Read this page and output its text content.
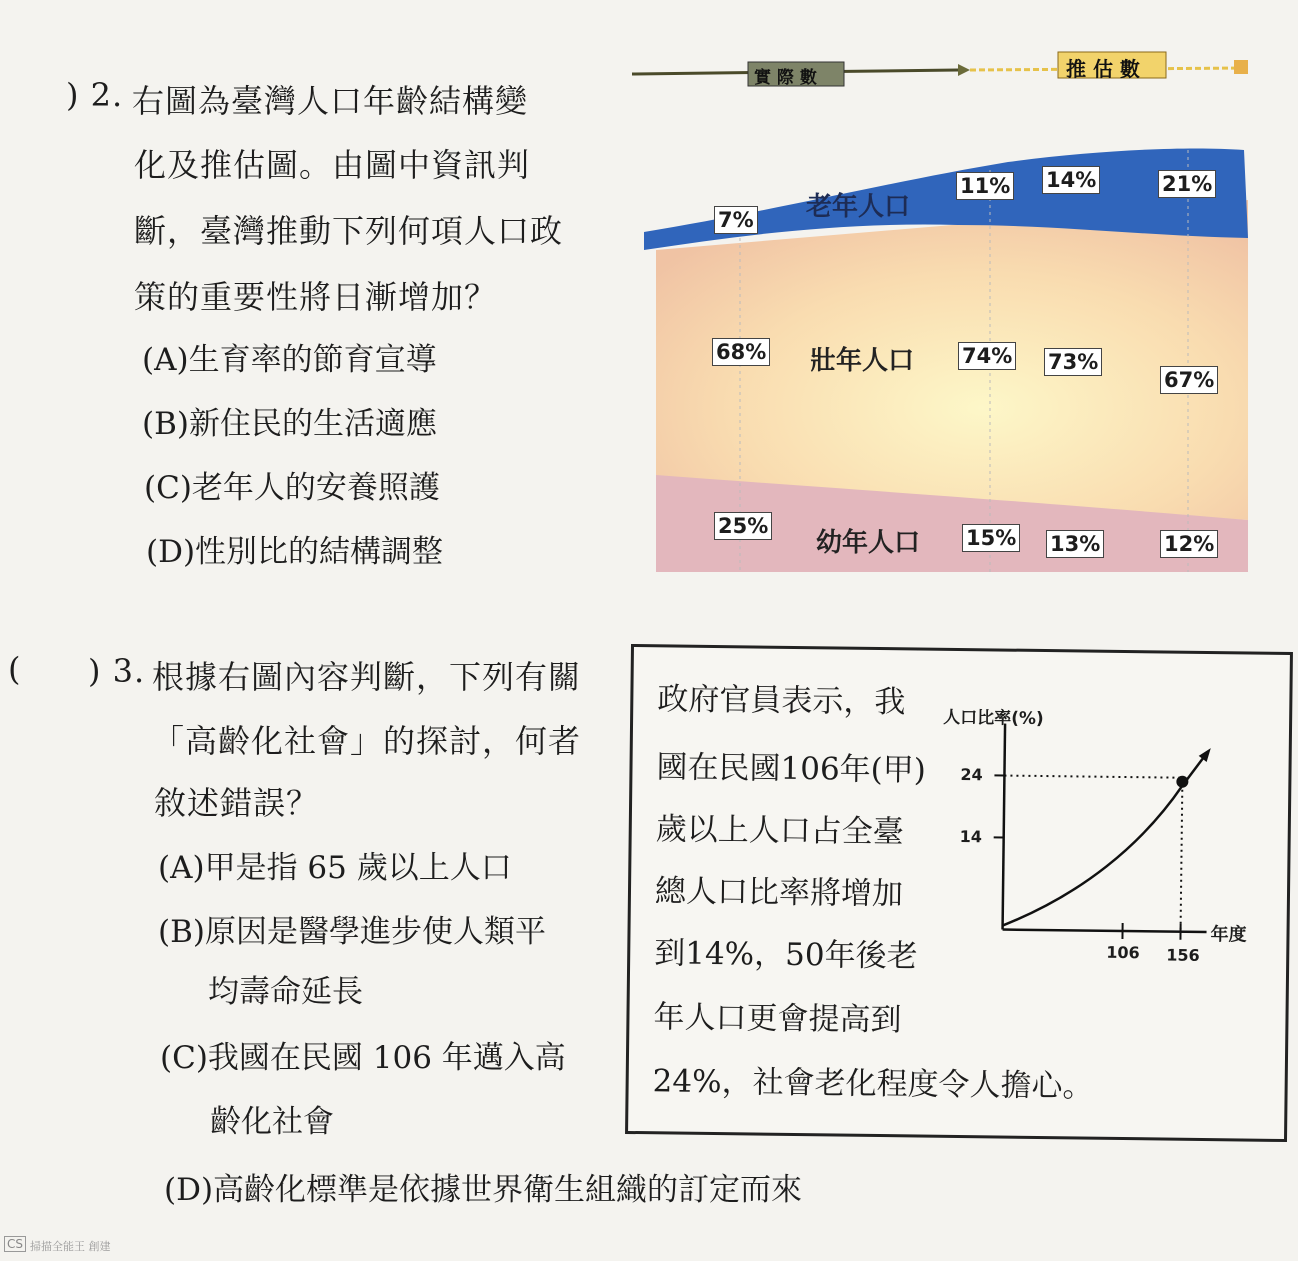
) 2. 右圖為臺灣人口年齡結構變
化及推估圖。由圖中資訊判
斷，臺灣推動下列何項人口政
策的重要性將日漸增加？
(A)生育率的節育宣導
(B)新住民的生活適應
(C)老年人的安養照護
(D)性別比的結構調整
實 際 數	推 估 數
老年人口
壯年人口
幼年人口
7%
11% 14%	21%
68%	74% 73%
67%
25%	15% 13%	12%
( ) 3. 根據右圖內容判斷，下列有關
「高齡化社會」的探討，何者
敘述錯誤？
(A)甲是指 65 歲以上人口
(B)原因是醫學進步使人類平
均壽命延長
(C)我國在民國 106 年邁入高
齡化社會
(D)高齡化標準是依據世界衛生組織的訂定而來
政府官員表示，我
國在民國106年(甲)
歲以上人口占全臺
總人口比率將增加
到14%，50年後老
年人口更會提高到
24%，社會老化程度令人擔心。
人口比率(%)
24
14
106 156
年度
CS 掃描全能王 創建
